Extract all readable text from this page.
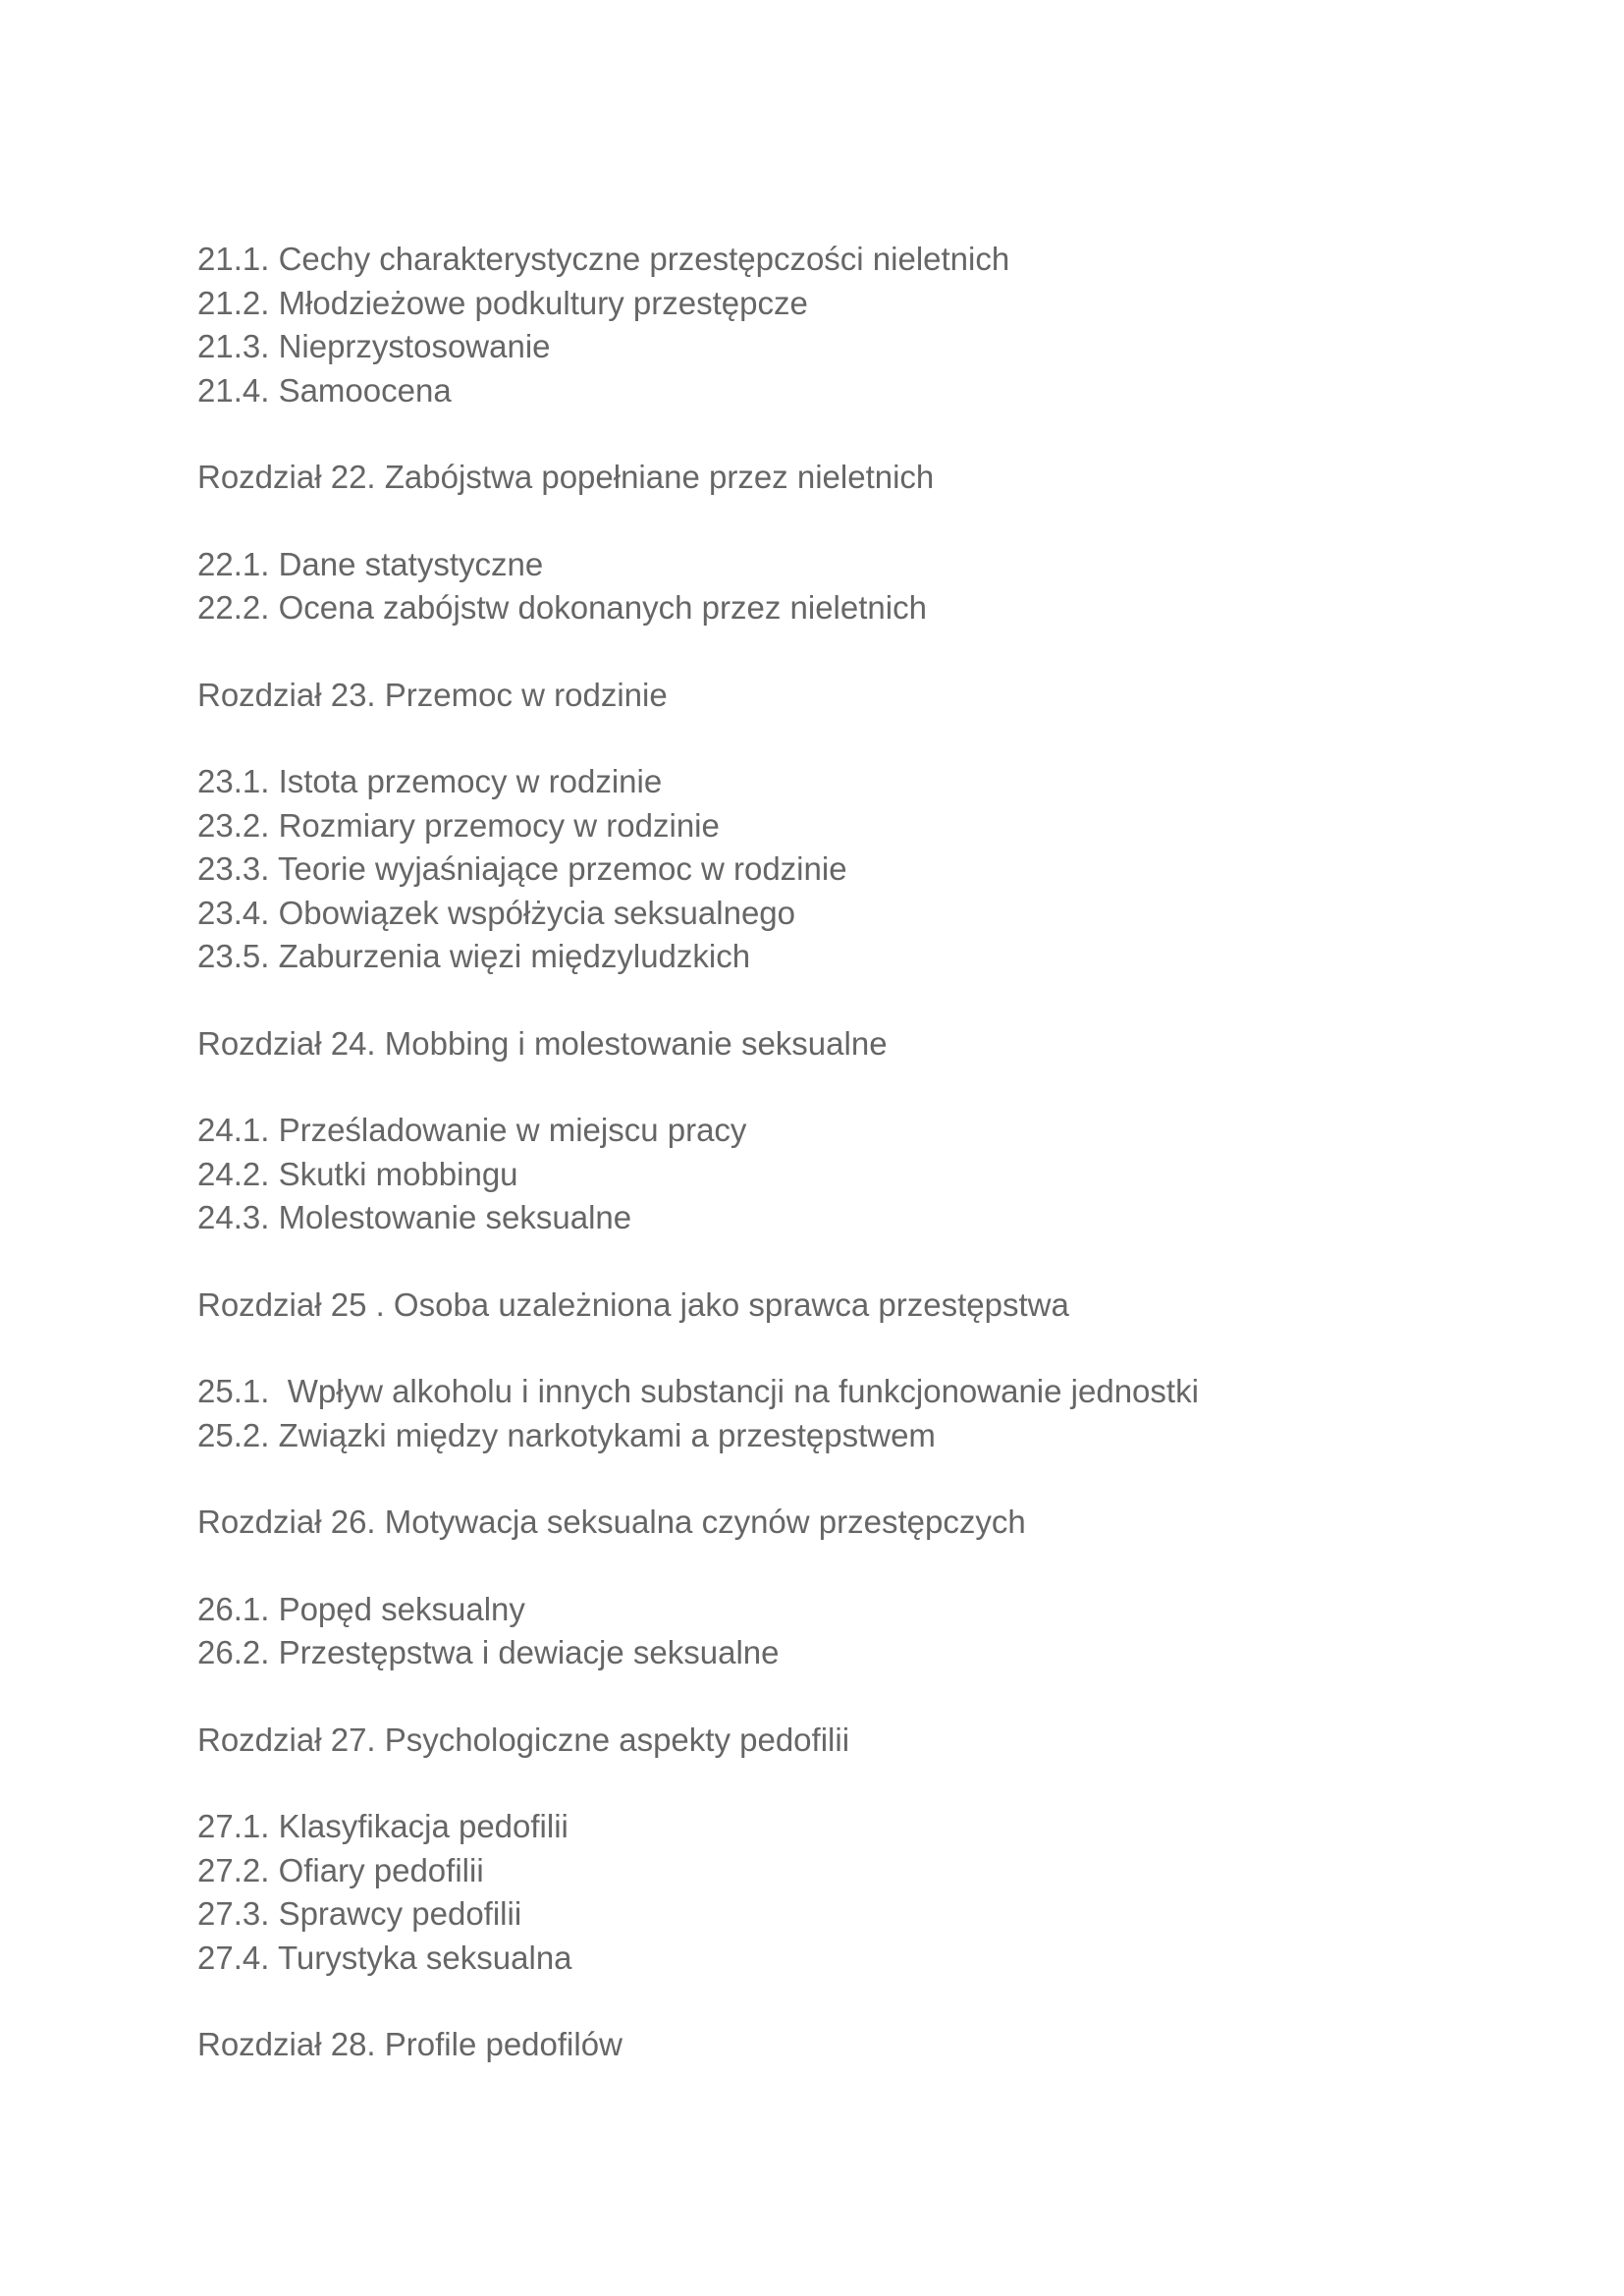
21.1. Cechy charakterystyczne przestępczości nieletnich
21.2. Młodzieżowe podkultury przestępcze
21.3. Nieprzystosowanie
21.4. Samoocena
Rozdział 22. Zabójstwa popełniane przez nieletnich
22.1. Dane statystyczne
22.2. Ocena zabójstw dokonanych przez nieletnich
Rozdział 23. Przemoc w rodzinie
23.1. Istota przemocy w rodzinie
23.2. Rozmiary przemocy w rodzinie
23.3. Teorie wyjaśniające przemoc w rodzinie
23.4. Obowiązek współżycia seksualnego
23.5. Zaburzenia więzi międzyludzkich
Rozdział 24. Mobbing i molestowanie seksualne
24.1. Prześladowanie w miejscu pracy
24.2. Skutki mobbingu
24.3. Molestowanie seksualne
Rozdział 25 . Osoba uzależniona jako sprawca przestępstwa
25.1.  Wpływ alkoholu i innych substancji na funkcjonowanie jednostki
25.2. Związki między narkotykami a przestępstwem
Rozdział 26. Motywacja seksualna czynów przestępczych
26.1. Popęd seksualny
26.2. Przestępstwa i dewiacje seksualne
Rozdział 27. Psychologiczne aspekty pedofilii
27.1. Klasyfikacja pedofilii
27.2. Ofiary pedofilii
27.3. Sprawcy pedofilii
27.4. Turystyka seksualna
Rozdział 28. Profile pedofilów
